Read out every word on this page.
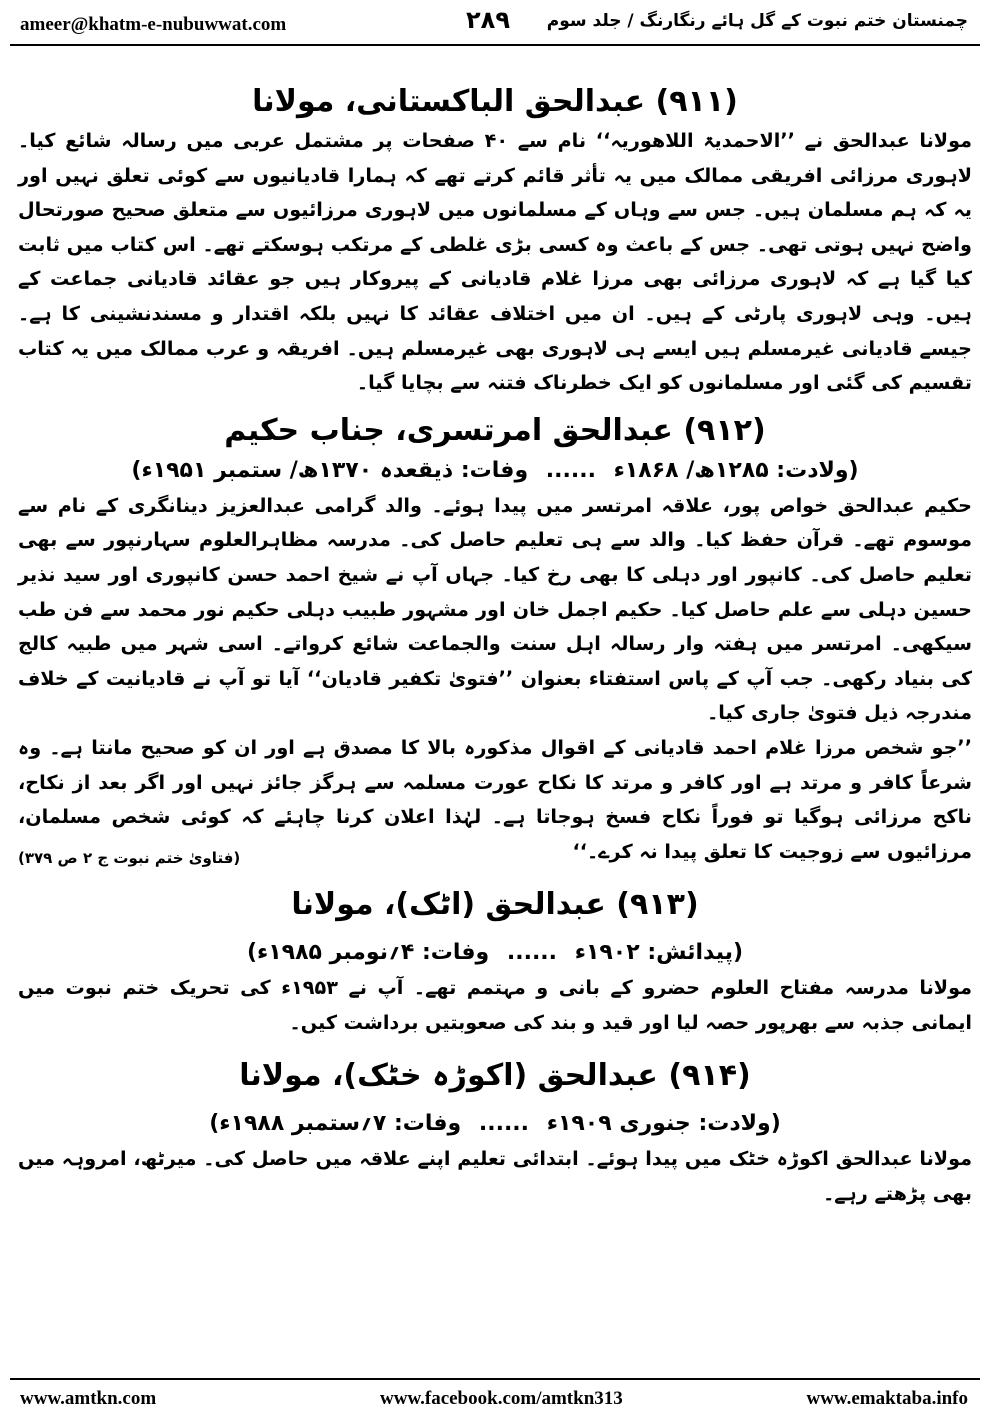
ameer@khatm-e-nubuwwat.com	۲۸۹	چمنستان ختم نبوت کے گل ہائے رنگارنگ / جلد سوم
(۹۱۱) عبدالحق الباکستانی، مولانا

مولانا عبدالحق نے ’’الاحمدیۃ اللاھوریہ‘‘ نام سے ۴۰ صفحات پر مشتمل عربی میں رسالہ شائع کیا۔ لاہوری مرزائی افریقی ممالک میں یہ تأثر قائم کرتے تھے کہ ہمارا قادیانیوں سے کوئی تعلق نہیں اور یہ کہ ہم مسلمان ہیں۔ جس سے وہاں کے مسلمانوں میں لاہوری مرزائیوں سے متعلق صحیح صورتحال واضح نہیں ہوتی تھی۔ جس کے باعث وہ کسی بڑی غلطی کے مرتکب ہوسکتے تھے۔ اس کتاب میں ثابت کیا گیا ہے کہ لاہوری مرزائی بھی مرزا غلام قادیانی کے پیروکار ہیں جو عقائد قادیانی جماعت کے ہیں۔ وہی لاہوری پارٹی کے ہیں۔ ان میں اختلاف عقائد کا نہیں بلکہ اقتدار و مسندنشینی کا ہے۔ جیسے قادیانی غیرمسلم ہیں ایسے ہی لاہوری بھی غیرمسلم ہیں۔ افریقہ و عرب ممالک میں یہ کتاب تقسیم کی گئی اور مسلمانوں کو ایک خطرناک فتنہ سے بچایا گیا۔

(۹۱۲) عبدالحق امرتسری، جناب حکیم

(ولادت: ۱۲۸۵ھ/ ۱۸۶۸ء ...... وفات: ذیقعدہ ۱۳۷۰ھ/ ستمبر ۱۹۵۱ء)

حکیم عبدالحق خواص پور، علاقہ امرتسر میں پیدا ہوئے۔ والد گرامی عبدالعزیز دینانگری کے نام سے موسوم تھے۔ قرآن حفظ کیا۔ والد سے ہی تعلیم حاصل کی۔ مدرسہ مظاہرالعلوم سہارنپور سے بھی تعلیم حاصل کی۔ کانپور اور دہلی کا بھی رخ کیا۔ جہاں آپ نے شیخ احمد حسن کانپوری اور سید نذیر حسین دہلی سے علم حاصل کیا۔ حکیم اجمل خان اور مشہور طبیب دہلی حکیم نور محمد سے فن طب سیکھی۔ امرتسر میں ہفتہ وار رسالہ اہل سنت والجماعت شائع کرواتے۔ اسی شہر میں طبیہ کالج کی بنیاد رکھی۔ جب آپ کے پاس استفتاء بعنوان ’’فتویٰ تکفیر قادیان‘‘ آیا تو آپ نے قادیانیت کے خلاف مندرجہ ذیل فتویٰ جاری کیا۔

’’جو شخص مرزا غلام احمد قادیانی کے اقوال مذکورہ بالا کا مصدق ہے اور ان کو صحیح مانتا ہے۔ وہ شرعاً کافر و مرتد ہے اور کافر و مرتد کا نکاح عورت مسلمہ سے ہرگز جائز نہیں اور اگر بعد از نکاح، ناکح مرزائی ہوگیا تو فوراً نکاح فسخ ہوجاتا ہے۔ لہٰذا اعلان کرنا چاہئے کہ کوئی شخص مسلمان، مرزائیوں سے زوجیت کا تعلق پیدا نہ کرے۔‘‘
(فتاویٰ ختم نبوت ج ۲ ص ۳۷۹)

(۹۱۳) عبدالحق (اٹک)، مولانا

(پیدائش: ۱۹۰۲ء ...... وفات: ۴؍نومبر ۱۹۸۵ء)

مولانا مدرسہ مفتاح العلوم حضرو کے بانی و مہتمم تھے۔ آپ نے ۱۹۵۳ء کی تحریک ختم نبوت میں ایمانی جذبہ سے بھرپور حصہ لیا اور قید و بند کی صعوبتیں برداشت کیں۔

(۹۱۴) عبدالحق (اکوڑہ خٹک)، مولانا

(ولادت: جنوری ۱۹۰۹ء ...... وفات: ۷؍ستمبر ۱۹۸۸ء)

مولانا عبدالحق اکوڑہ خٹک میں پیدا ہوئے۔ ابتدائی تعلیم اپنے علاقہ میں حاصل کی۔ میرٹھ، امروہہ میں بھی پڑھتے رہے۔

www.amtkn.com	www.facebook.com/amtkn313	www.emaktaba.info
